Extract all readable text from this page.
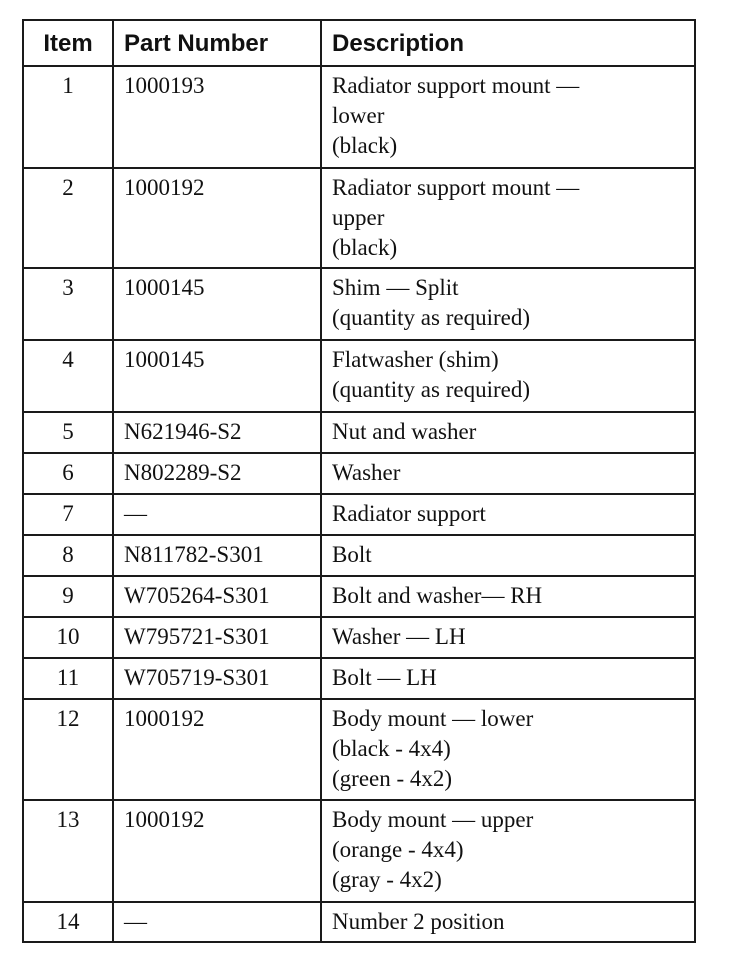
Item	Part Number	Description
1	1000193	Radiator support mount —
lower
(black)

2	1000192	Radiator support mount —
upper
(black)

3	1000145	Shim — Split
(quantity as required)

4	1000145	Flatwasher (shim)
(quantity as required)

5	N621946-S2	Nut and washer

6	N802289-S2	Washer

7	—	Radiator support

8	N811782-S301	Bolt

9	W705264-S301	Bolt and washer— RH

10	W795721-S301	Washer — LH

11	W705719-S301	Bolt — LH

12	1000192	Body mount — lower
(black - 4x4)
(green - 4x2)

13	1000192	Body mount — upper
(orange - 4x4)
(gray - 4x2)

14	—	Number 2 position
